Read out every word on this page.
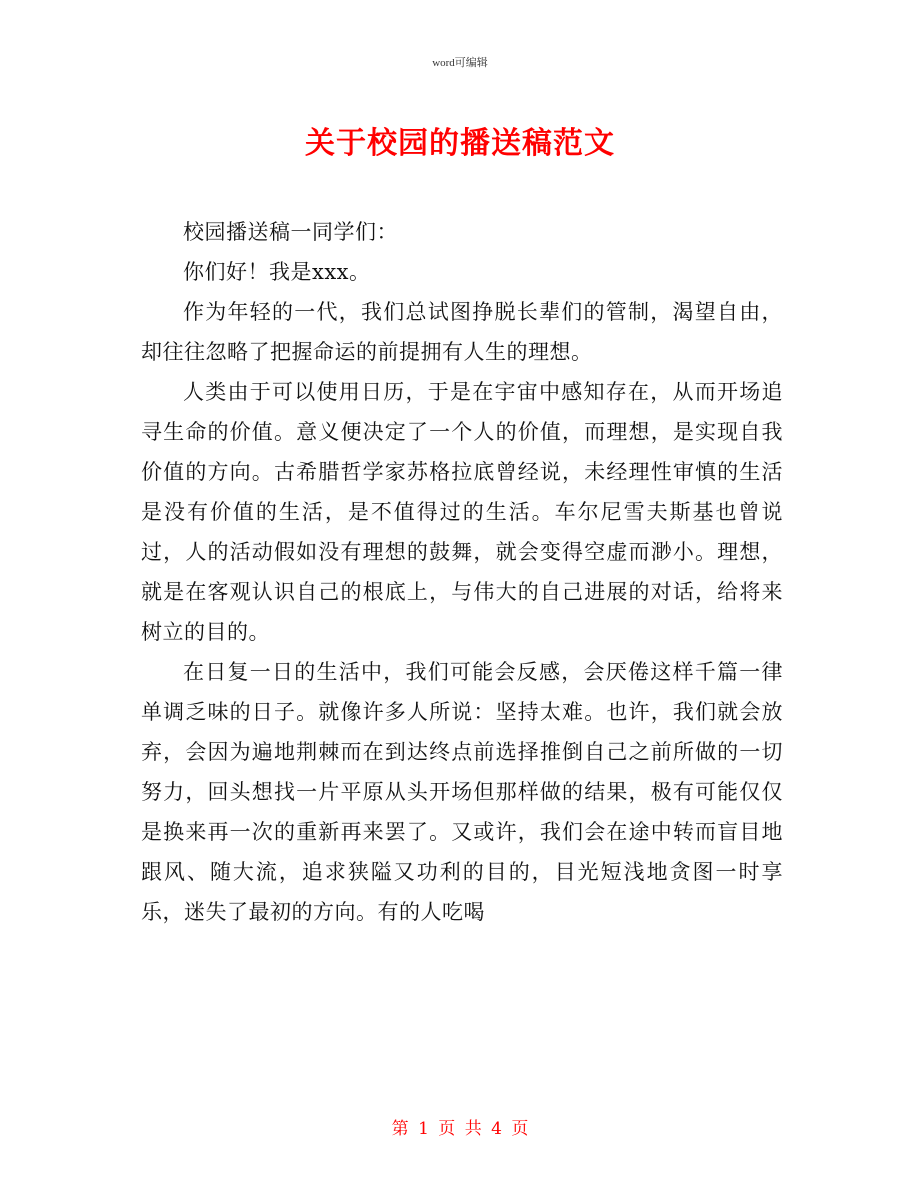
word可编辑
关于校园的播送稿范文

校园播送稿一同学们：

你们好！我是xxx。

作为年轻的一代，我们总试图挣脱长辈们的管制，渴望自由，却往往忽略了把握命运的前提拥有人生的理想。

人类由于可以使用日历，于是在宇宙中感知存在，从而开场追寻生命的价值。意义便决定了一个人的价值，而理想，是实现自我价值的方向。古希腊哲学家苏格拉底曾经说，未经理性审慎的生活是没有价值的生活，是不值得过的生活。车尔尼雪夫斯基也曾说过，人的活动假如没有理想的鼓舞，就会变得空虚而渺小。理想，就是在客观认识自己的根底上，与伟大的自己进展的对话，给将来树立的目的。

在日复一日的生活中，我们可能会反感，会厌倦这样千篇一律单调乏味的日子。就像许多人所说：坚持太难。也许，我们就会放弃，会因为遍地荆棘而在到达终点前选择推倒自己之前所做的一切努力，回头想找一片平原从头开场但那样做的结果，极有可能仅仅是换来再一次的重新再来罢了。又或许，我们会在途中转而盲目地跟风、随大流，追求狭隘又功利的目的，目光短浅地贪图一时享乐，迷失了最初的方向。有的人吃喝

第 1 页 共 4 页
